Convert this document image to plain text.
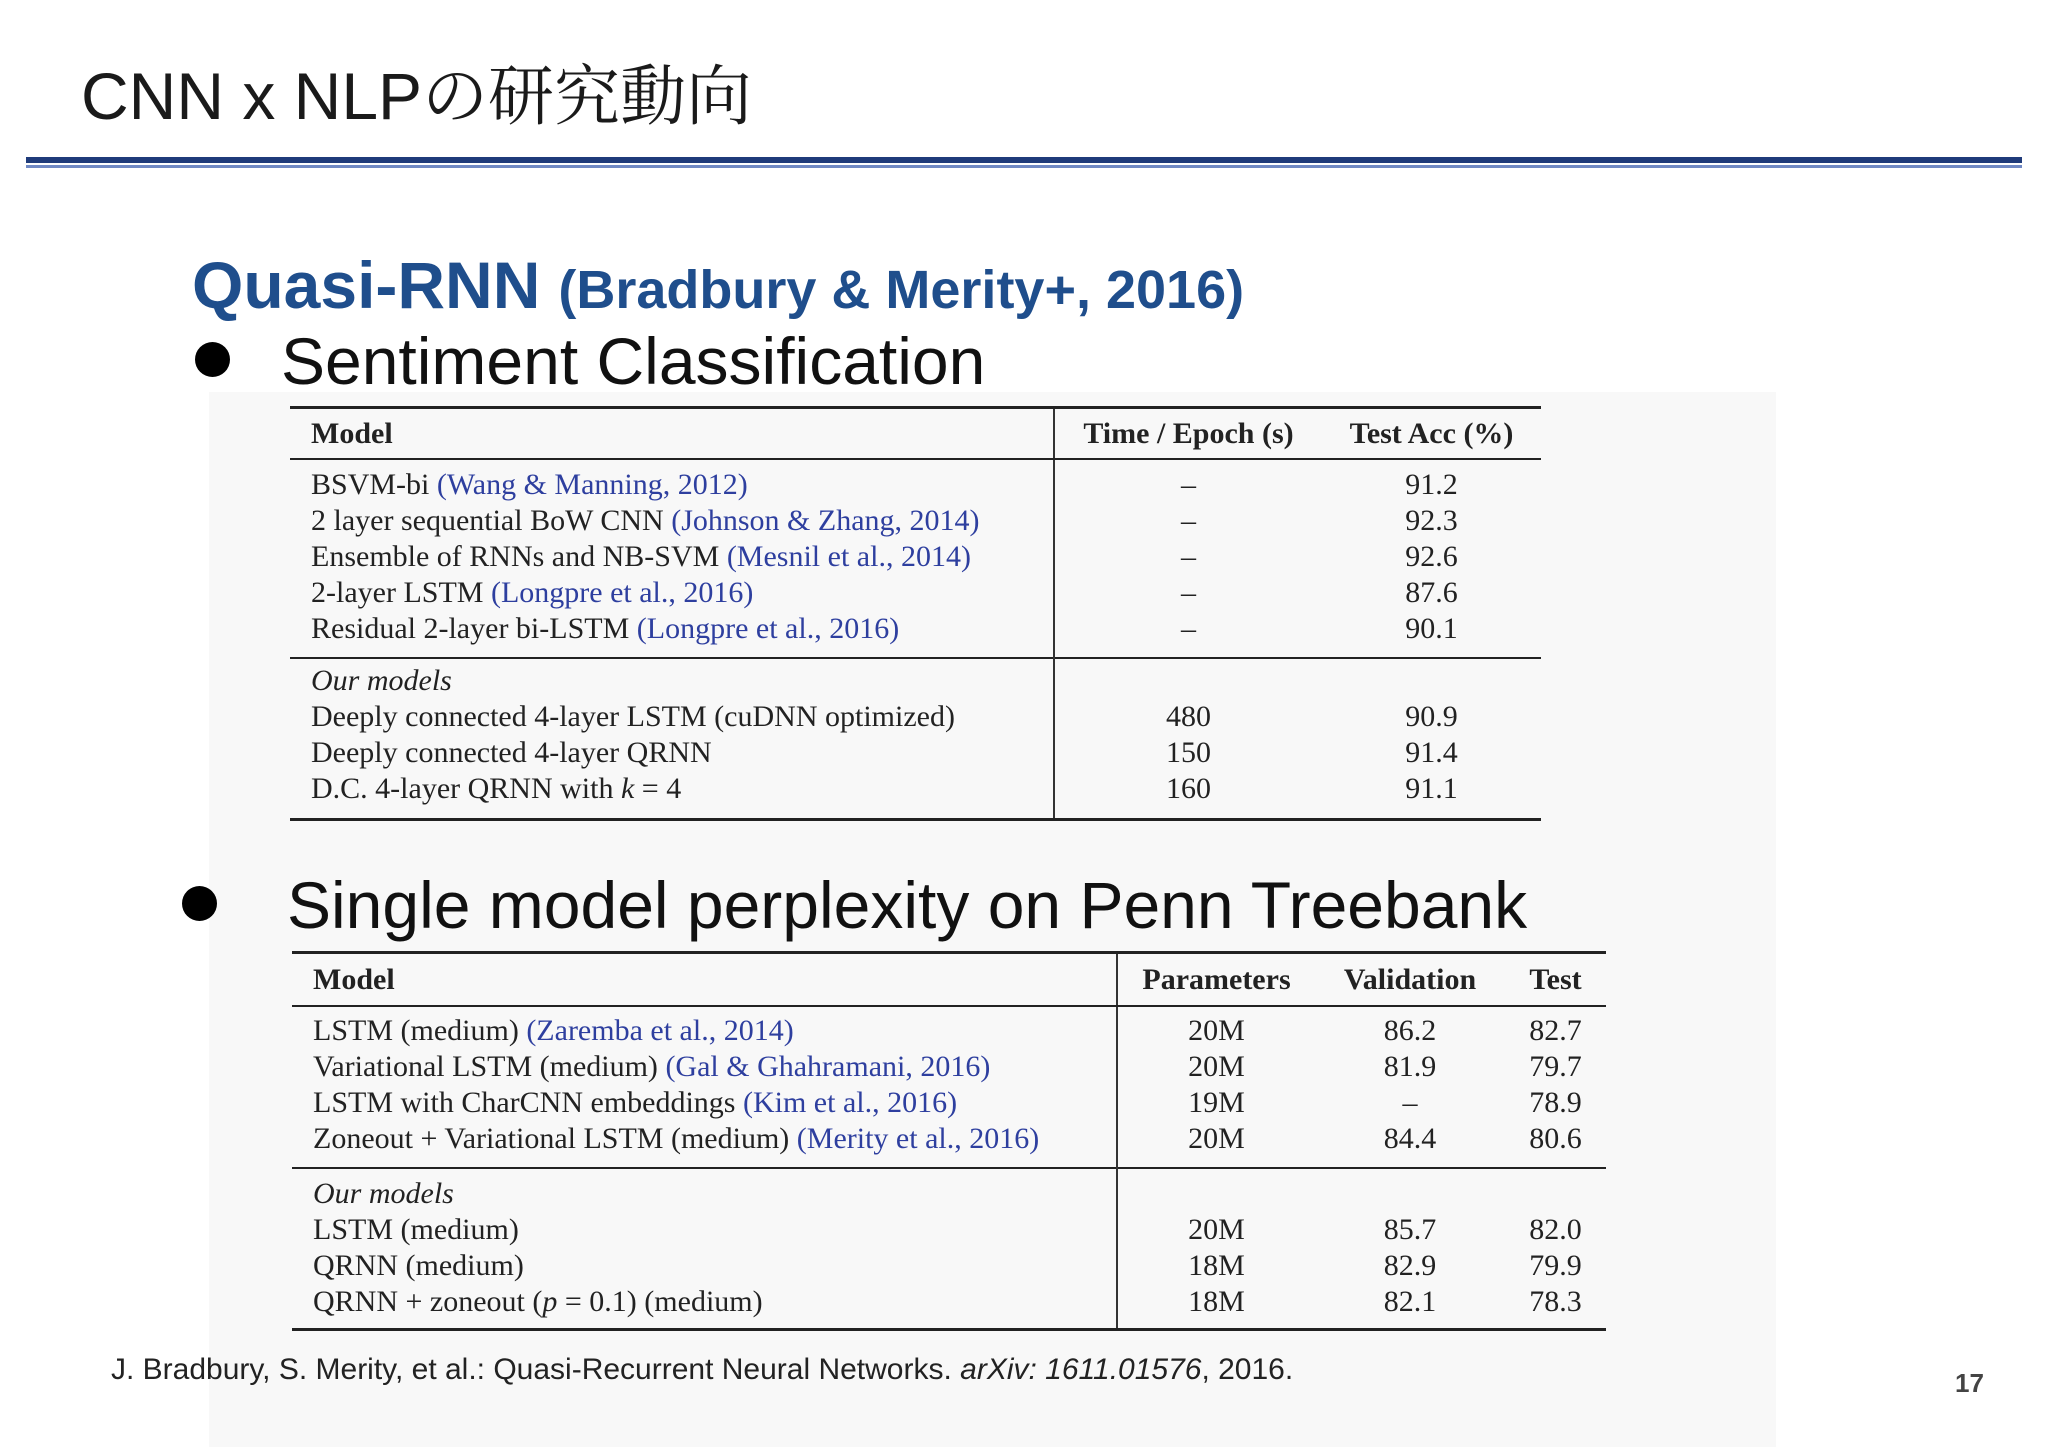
CNN x NLPの研究動向
Quasi-RNN (Bradbury & Merity+, 2016)
Sentiment Classification
Model	Time / Epoch (s)	Test Acc (%)

BSVM-bi (Wang & Manning, 2012)	–	91.2
2 layer sequential BoW CNN (Johnson & Zhang, 2014)	–	92.3
Ensemble of RNNs and NB-SVM (Mesnil et al., 2014)	–	92.6
2-layer LSTM (Longpre et al., 2016)	–	87.6
Residual 2-layer bi-LSTM (Longpre et al., 2016)	–	90.1

Our models		
Deeply connected 4-layer LSTM (cuDNN optimized)	480	90.9
Deeply connected 4-layer QRNN	150	91.4
D.C. 4-layer QRNN with k = 4	160	91.1

Single model perplexity on Penn Treebank
Model	Parameters	Validation	Test

LSTM (medium) (Zaremba et al., 2014)	20M	86.2	82.7
Variational LSTM (medium) (Gal & Ghahramani, 2016)	20M	81.9	79.7
LSTM with CharCNN embeddings (Kim et al., 2016)	19M	–	78.9
Zoneout + Variational LSTM (medium) (Merity et al., 2016)	20M	84.4	80.6

Our models			
LSTM (medium)	20M	85.7	82.0
QRNN (medium)	18M	82.9	79.9
QRNN + zoneout (p = 0.1) (medium)	18M	82.1	78.3

J. Bradbury, S. Merity, et al.: Quasi-Recurrent Neural Networks. arXiv: 1611.01576, 2016.	17
